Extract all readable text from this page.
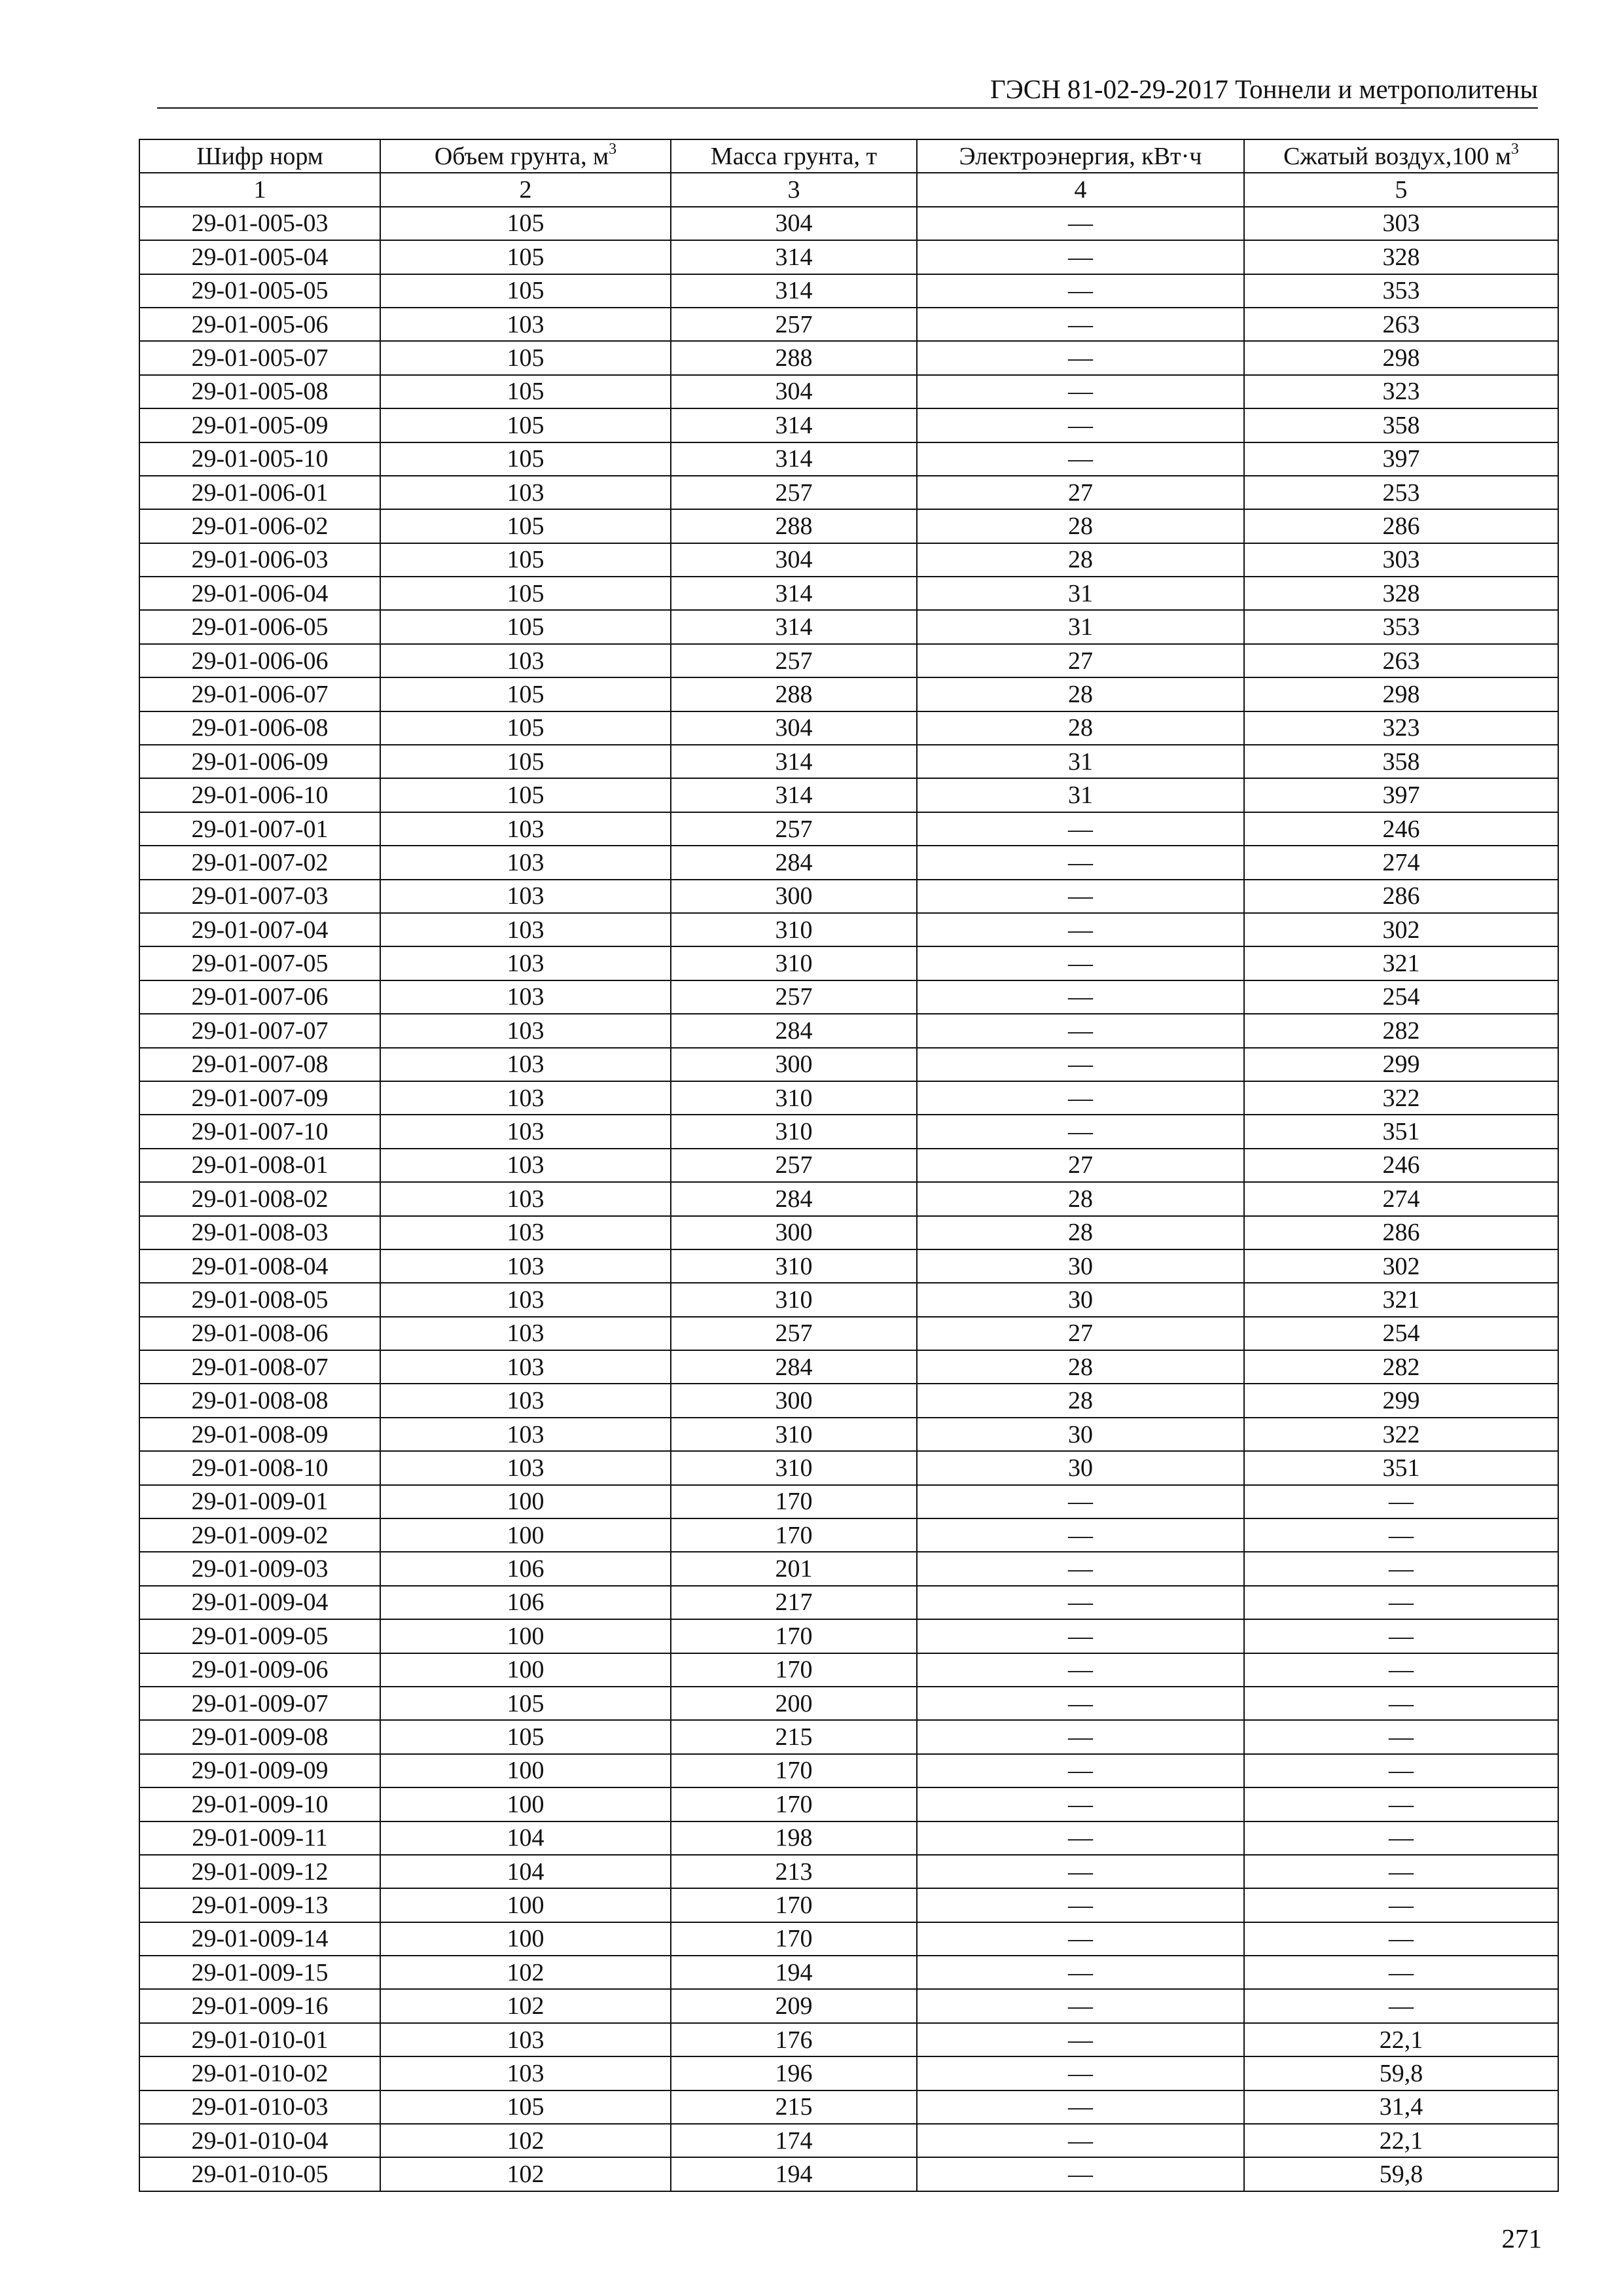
ГЭСН 81-02-29-2017 Тоннели и метрополитены
Шифр норм	Объем грунта, $м^3$	Масса грунта, т	Электроэнергия, кВт·ч	Сжатый воздух,100 $м^3$
1	2	3	4	5
29-01-005-03	105	304	—	303
29-01-005-04	105	314	—	328
29-01-005-05	105	314	—	353
29-01-005-06	103	257	—	263
29-01-005-07	105	288	—	298
29-01-005-08	105	304	—	323
29-01-005-09	105	314	—	358
29-01-005-10	105	314	—	397
29-01-006-01	103	257	27	253
29-01-006-02	105	288	28	286
29-01-006-03	105	304	28	303
29-01-006-04	105	314	31	328
29-01-006-05	105	314	31	353
29-01-006-06	103	257	27	263
29-01-006-07	105	288	28	298
29-01-006-08	105	304	28	323
29-01-006-09	105	314	31	358
29-01-006-10	105	314	31	397
29-01-007-01	103	257	—	246
29-01-007-02	103	284	—	274
29-01-007-03	103	300	—	286
29-01-007-04	103	310	—	302
29-01-007-05	103	310	—	321
29-01-007-06	103	257	—	254
29-01-007-07	103	284	—	282
29-01-007-08	103	300	—	299
29-01-007-09	103	310	—	322
29-01-007-10	103	310	—	351
29-01-008-01	103	257	27	246
29-01-008-02	103	284	28	274
29-01-008-03	103	300	28	286
29-01-008-04	103	310	30	302
29-01-008-05	103	310	30	321
29-01-008-06	103	257	27	254
29-01-008-07	103	284	28	282
29-01-008-08	103	300	28	299
29-01-008-09	103	310	30	322
29-01-008-10	103	310	30	351
29-01-009-01	100	170	—	—
29-01-009-02	100	170	—	—
29-01-009-03	106	201	—	—
29-01-009-04	106	217	—	—
29-01-009-05	100	170	—	—
29-01-009-06	100	170	—	—
29-01-009-07	105	200	—	—
29-01-009-08	105	215	—	—
29-01-009-09	100	170	—	—
29-01-009-10	100	170	—	—
29-01-009-11	104	198	—	—
29-01-009-12	104	213	—	—
29-01-009-13	100	170	—	—
29-01-009-14	100	170	—	—
29-01-009-15	102	194	—	—
29-01-009-16	102	209	—	—
29-01-010-01	103	176	—	22,1
29-01-010-02	103	196	—	59,8
29-01-010-03	105	215	—	31,4
29-01-010-04	102	174	—	22,1
29-01-010-05	102	194	—	59,8
271
